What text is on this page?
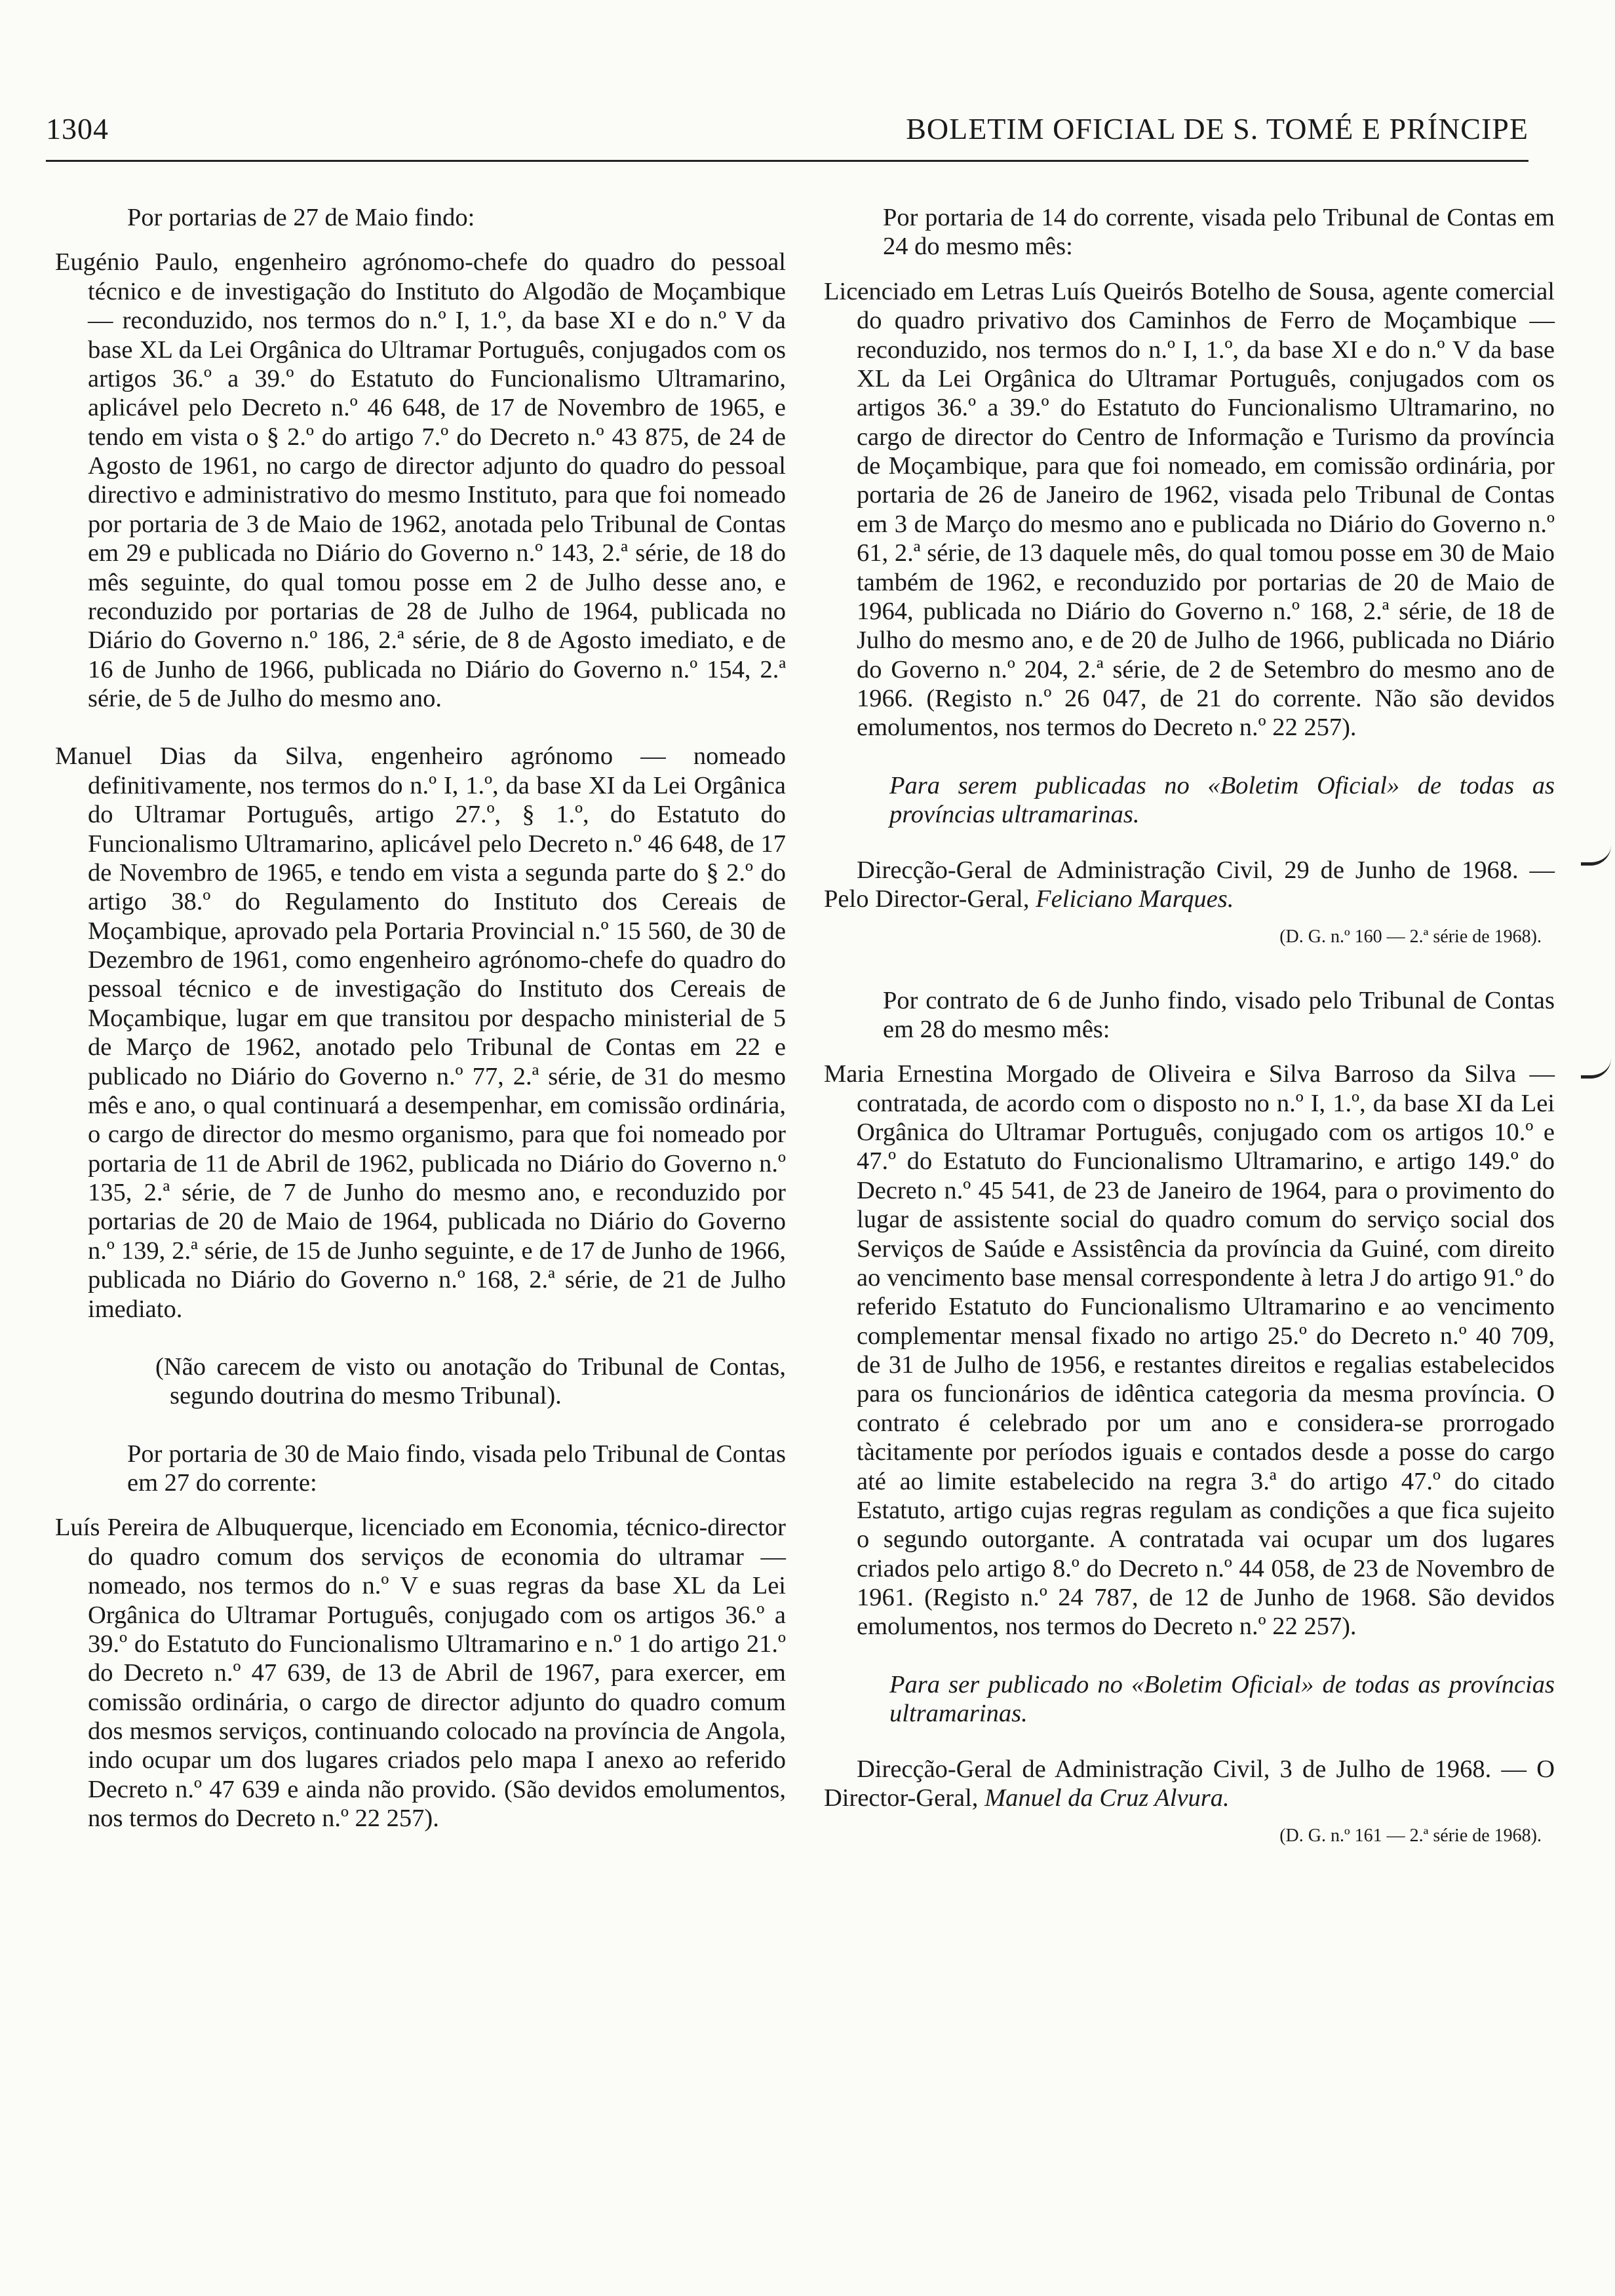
1304	BOLETIM OFICIAL DE S. TOMÉ E PRÍNCIPE

Por portarias de 27 de Maio findo:

Eugénio Paulo, engenheiro agrónomo-chefe do quadro do pessoal técnico e de investigação do Instituto do Algodão de Moçambique — reconduzido, nos termos do n.º I, 1.º, da base XI e do n.º V da base XL da Lei Orgânica do Ultramar Português, conjugados com os artigos 36.º a 39.º do Estatuto do Funcionalismo Ultramarino, aplicável pelo Decreto n.º 46 648, de 17 de Novembro de 1965, e tendo em vista o § 2.º do artigo 7.º do Decreto n.º 43 875, de 24 de Agosto de 1961, no cargo de director adjunto do quadro do pessoal directivo e administrativo do mesmo Instituto, para que foi nomeado por portaria de 3 de Maio de 1962, anotada pelo Tribunal de Contas em 29 e publicada no Diário do Governo n.º 143, 2.ª série, de 18 do mês seguinte, do qual tomou posse em 2 de Julho desse ano, e reconduzido por portarias de 28 de Julho de 1964, publicada no Diário do Governo n.º 186, 2.ª série, de 8 de Agosto imediato, e de 16 de Junho de 1966, publicada no Diário do Governo n.º 154, 2.ª série, de 5 de Julho do mesmo ano.

Manuel Dias da Silva, engenheiro agrónomo — nomeado definitivamente, nos termos do n.º I, 1.º, da base XI da Lei Orgânica do Ultramar Português, artigo 27.º, § 1.º, do Estatuto do Funcionalismo Ultramarino, aplicável pelo Decreto n.º 46 648, de 17 de Novembro de 1965, e tendo em vista a segunda parte do § 2.º do artigo 38.º do Regulamento do Instituto dos Cereais de Moçambique, aprovado pela Portaria Provincial n.º 15 560, de 30 de Dezembro de 1961, como engenheiro agrónomo-chefe do quadro do pessoal técnico e de investigação do Instituto dos Cereais de Moçambique, lugar em que transitou por despacho ministerial de 5 de Março de 1962, anotado pelo Tribunal de Contas em 22 e publicado no Diário do Governo n.º 77, 2.ª série, de 31 do mesmo mês e ano, o qual continuará a desempenhar, em comissão ordinária, o cargo de director do mesmo organismo, para que foi nomeado por portaria de 11 de Abril de 1962, publicada no Diário do Governo n.º 135, 2.ª série, de 7 de Junho do mesmo ano, e reconduzido por portarias de 20 de Maio de 1964, publicada no Diário do Governo n.º 139, 2.ª série, de 15 de Junho seguinte, e de 17 de Junho de 1966, publicada no Diário do Governo n.º 168, 2.ª série, de 21 de Julho imediato.

(Não carecem de visto ou anotação do Tribunal de Contas, segundo doutrina do mesmo Tribunal).

Por portaria de 30 de Maio findo, visada pelo Tribunal de Contas em 27 do corrente:

Luís Pereira de Albuquerque, licenciado em Economia, técnico-director do quadro comum dos serviços de economia do ultramar — nomeado, nos termos do n.º V e suas regras da base XL da Lei Orgânica do Ultramar Português, conjugado com os artigos 36.º a 39.º do Estatuto do Funcionalismo Ultramarino e n.º 1 do artigo 21.º do Decreto n.º 47 639, de 13 de Abril de 1967, para exercer, em comissão ordinária, o cargo de director adjunto do quadro comum dos mesmos serviços, continuando colocado na província de Angola, indo ocupar um dos lugares criados pelo mapa I anexo ao referido Decreto n.º 47 639 e ainda não provido. (São devidos emolumentos, nos termos do Decreto n.º 22 257).

Por portaria de 14 do corrente, visada pelo Tribunal de Contas em 24 do mesmo mês:

Licenciado em Letras Luís Queirós Botelho de Sousa, agente comercial do quadro privativo dos Caminhos de Ferro de Moçambique — reconduzido, nos termos do n.º I, 1.º, da base XI e do n.º V da base XL da Lei Orgânica do Ultramar Português, conjugados com os artigos 36.º a 39.º do Estatuto do Funcionalismo Ultramarino, no cargo de director do Centro de Informação e Turismo da província de Moçambique, para que foi nomeado, em comissão ordinária, por portaria de 26 de Janeiro de 1962, visada pelo Tribunal de Contas em 3 de Março do mesmo ano e publicada no Diário do Governo n.º 61, 2.ª série, de 13 daquele mês, do qual tomou posse em 30 de Maio também de 1962, e reconduzido por portarias de 20 de Maio de 1964, publicada no Diário do Governo n.º 168, 2.ª série, de 18 de Julho do mesmo ano, e de 20 de Julho de 1966, publicada no Diário do Governo n.º 204, 2.ª série, de 2 de Setembro do mesmo ano de 1966. (Registo n.º 26 047, de 21 do corrente. Não são devidos emolumentos, nos termos do Decreto n.º 22 257).

Para serem publicadas no «Boletim Oficial» de todas as províncias ultramarinas.

Direcção-Geral de Administração Civil, 29 de Junho de 1968. — Pelo Director-Geral, Feliciano Marques.

(D. G. n.º 160 — 2.ª série de 1968).

Por contrato de 6 de Junho findo, visado pelo Tribunal de Contas em 28 do mesmo mês:

Maria Ernestina Morgado de Oliveira e Silva Barroso da Silva — contratada, de acordo com o disposto no n.º I, 1.º, da base XI da Lei Orgânica do Ultramar Português, conjugado com os artigos 10.º e 47.º do Estatuto do Funcionalismo Ultramarino, e artigo 149.º do Decreto n.º 45 541, de 23 de Janeiro de 1964, para o provimento do lugar de assistente social do quadro comum do serviço social dos Serviços de Saúde e Assistência da província da Guiné, com direito ao vencimento base mensal correspondente à letra J do artigo 91.º do referido Estatuto do Funcionalismo Ultramarino e ao vencimento complementar mensal fixado no artigo 25.º do Decreto n.º 40 709, de 31 de Julho de 1956, e restantes direitos e regalias estabelecidos para os funcionários de idêntica categoria da mesma província. O contrato é celebrado por um ano e considera-se prorrogado tàcitamente por períodos iguais e contados desde a posse do cargo até ao limite estabelecido na regra 3.ª do artigo 47.º do citado Estatuto, artigo cujas regras regulam as condições a que fica sujeito o segundo outorgante. A contratada vai ocupar um dos lugares criados pelo artigo 8.º do Decreto n.º 44 058, de 23 de Novembro de 1961. (Registo n.º 24 787, de 12 de Junho de 1968. São devidos emolumentos, nos termos do Decreto n.º 22 257).

Para ser publicado no «Boletim Oficial» de todas as províncias ultramarinas.

Direcção-Geral de Administração Civil, 3 de Julho de 1968. — O Director-Geral, Manuel da Cruz Alvura.

(D. G. n.º 161 — 2.ª série de 1968).
